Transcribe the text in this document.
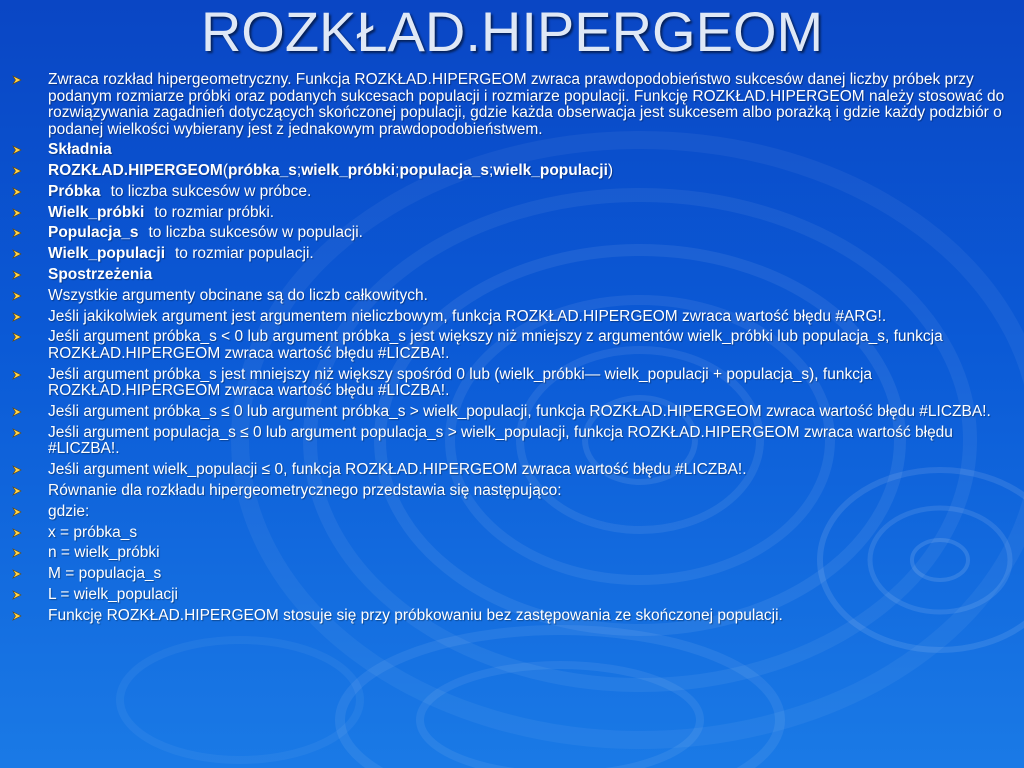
ROZKŁAD.HIPERGEOM
Zwraca rozkład hipergeometryczny. Funkcja ROZKŁAD.HIPERGEOM zwraca prawdopodobieństwo sukcesów danej liczby próbek przy podanym rozmiarze próbki oraz podanych sukcesach populacji i rozmiarze populacji. Funkcję ROZKŁAD.HIPERGEOM należy stosować do rozwiązywania zagadnień dotyczących skończonej populacji, gdzie każda obserwacja jest sukcesem albo porażką i gdzie każdy podzbiór o podanej wielkości wybierany jest z jednakowym prawdopodobieństwem.
Składnia
ROZKŁAD.HIPERGEOM(próbka_s;wielk_próbki;populacja_s;wielk_populacji)
Próbka to liczba sukcesów w próbce.
Wielk_próbki to rozmiar próbki.
Populacja_s to liczba sukcesów w populacji.
Wielk_populacji to rozmiar populacji.
Spostrzeżenia
Wszystkie argumenty obcinane są do liczb całkowitych.
Jeśli jakikolwiek argument jest argumentem nieliczbowym, funkcja ROZKŁAD.HIPERGEOM zwraca wartość błędu #ARG!.
Jeśli argument próbka_s < 0 lub argument próbka_s jest większy niż mniejszy z argumentów wielk_próbki lub populacja_s, funkcja ROZKŁAD.HIPERGEOM zwraca wartość błędu #LICZBA!.
Jeśli argument próbka_s jest mniejszy niż większy spośród 0 lub (wielk_próbki— wielk_populacji + populacja_s), funkcja ROZKŁAD.HIPERGEOM zwraca wartość błędu #LICZBA!.
Jeśli argument próbka_s ≤ 0 lub argument próbka_s > wielk_populacji, funkcja ROZKŁAD.HIPERGEOM zwraca wartość błędu #LICZBA!.
Jeśli argument populacja_s ≤ 0 lub argument populacja_s > wielk_populacji, funkcja ROZKŁAD.HIPERGEOM zwraca wartość błędu #LICZBA!.
Jeśli argument wielk_populacji ≤ 0, funkcja ROZKŁAD.HIPERGEOM zwraca wartość błędu #LICZBA!.
Równanie dla rozkładu hipergeometrycznego przedstawia się następująco:
gdzie:
x = próbka_s
n = wielk_próbki
M = populacja_s
L = wielk_populacji
Funkcję ROZKŁAD.HIPERGEOM stosuje się przy próbkowaniu bez zastępowania ze skończonej populacji.
